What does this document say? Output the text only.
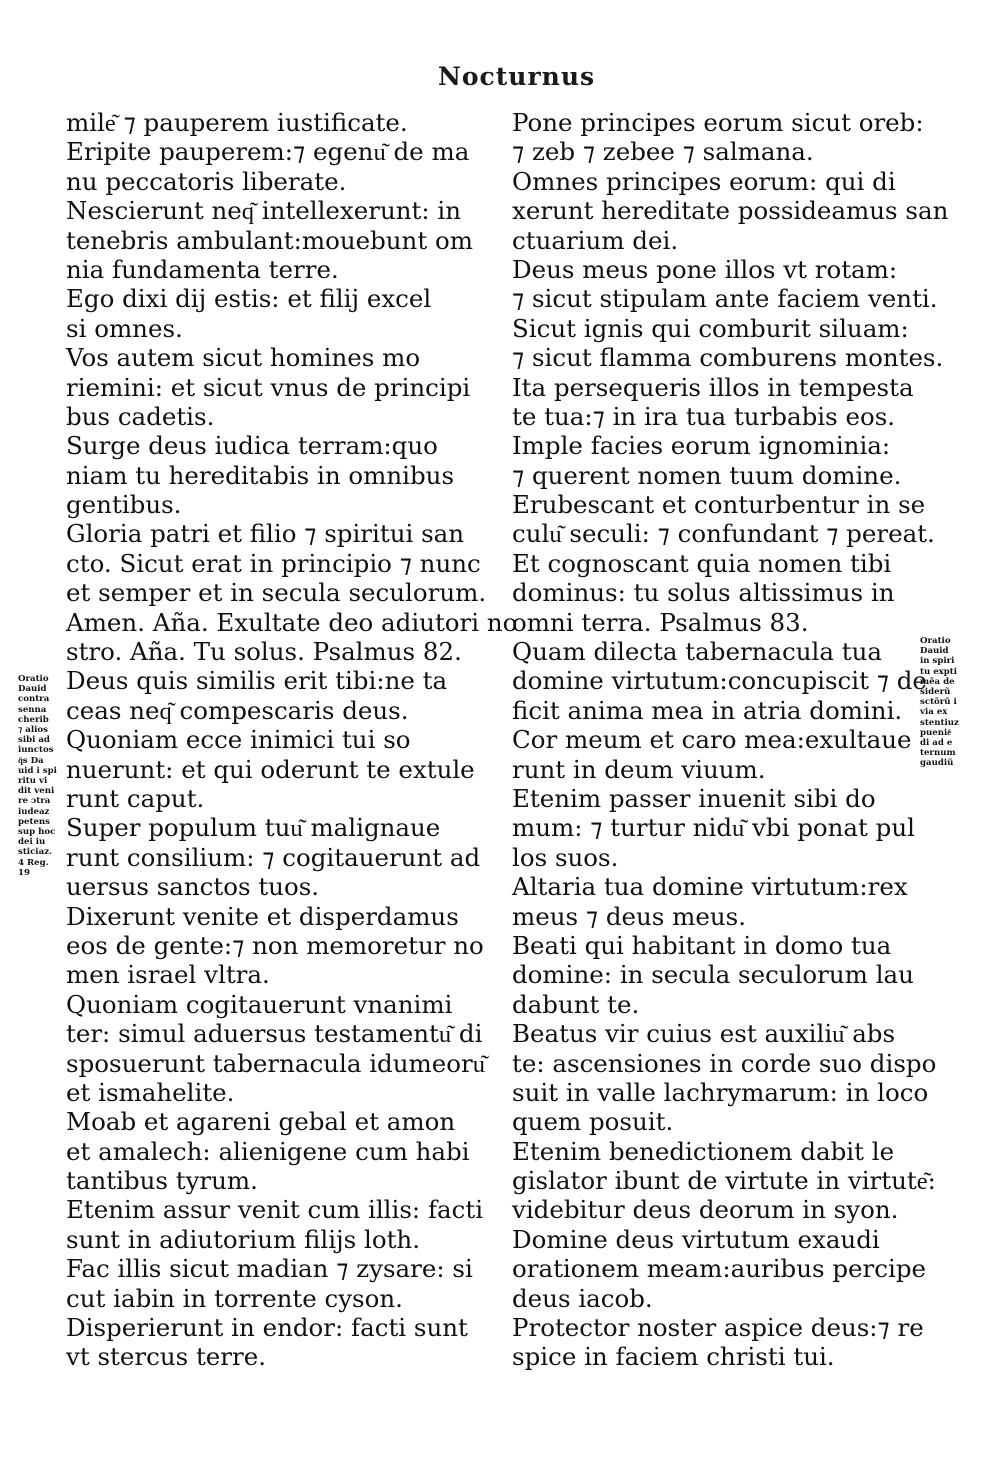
Nocturnus
Oratio
Dauid
contra
senna
cherib
⁊ alios
sibi ad
iunctos
q͂s Da
uid i spi
ritu vi
dit veni
re ɔtra
iudeaz
petens
sup hoc
dei iu
sticiaz.
4 Reg.
19
mile͂ ⁊ pauperem iustificate.
Eripite pauperem:⁊ egenu͂ de ma
nu peccatoris liberate.
Nescierunt neq͂ intellexerunt: in
tenebris ambulant:mouebunt om
nia fundamenta terre.
Ego dixi dij estis: et filij excel
si omnes.
Vos autem sicut homines mo
riemini: et sicut vnus de principi
bus cadetis.
Surge deus iudica terram:quo
niam tu hereditabis in omnibus
gentibus.
Gloria patri et filio ⁊ spiritui san
cto. Sicut erat in principio ⁊ nunc
et semper et in secula seculorum.
Amen. Aña. Exultate deo adiutori no
stro. Aña. Tu solus. Psalmus 82.
Deus quis similis erit tibi:ne ta
ceas neq͂ compescaris deus.
Quoniam ecce inimici tui so
nuerunt: et qui oderunt te extule
runt caput.
Super populum tuu͂ malignaue
runt consilium: ⁊ cogitauerunt ad
uersus sanctos tuos.
Dixerunt venite et disperdamus
eos de gente:⁊ non memoretur no
men israel vltra.
Quoniam cogitauerunt vnanimi
ter: simul aduersus testamentu͂ di
sposuerunt tabernacula idumeoru͂
et ismahelite.
Moab et agareni gebal et amon
et amalech: alienigene cum habi
tantibus tyrum.
Etenim assur venit cum illis: facti
sunt in adiutorium filijs loth.
Fac illis sicut madian ⁊ zysare: si
cut iabin in torrente cyson.
Disperierunt in endor: facti sunt
vt stercus terre.
Pone principes eorum sicut oreb:
⁊ zeb ⁊ zebee ⁊ salmana.
Omnes principes eorum: qui di
xerunt hereditate possideamus san
ctuarium dei.
Deus meus pone illos vt rotam:
⁊ sicut stipulam ante faciem venti.
Sicut ignis qui comburit siluam:
⁊ sicut flamma comburens montes.
Ita persequeris illos in tempesta
te tua:⁊ in ira tua turbabis eos.
Imple facies eorum ignominia:
⁊ querent nomen tuum domine.
Erubescant et conturbentur in se
culu͂ seculi: ⁊ confundant ⁊ pereat.
Et cognoscant quia nomen tibi
dominus: tu solus altissimus in
omni terra. Psalmus 83.
Quam dilecta tabernacula tua
domine virtutum:concupiscit ⁊ de
ficit anima mea in atria domini.
Cor meum et caro mea:exultaue
runt in deum viuum.
Etenim passer inuenit sibi do
mum: ⁊ turtur nidu͂ vbi ponat pul
los suos.
Altaria tua domine virtutum:rex
meus ⁊ deus meus.
Beati qui habitant in domo tua
domine: in secula seculorum lau
dabunt te.
Beatus vir cuius est auxiliu͂ abs
te: ascensiones in corde suo dispo
suit in valle lachrymarum: in loco
quem posuit.
Etenim benedictionem dabit le
gislator ibunt de virtute in virtute͂:
videbitur deus deorum in syon.
Domine deus virtutum exaudi
orationem meam:auribus percipe
deus iacob.
Protector noster aspice deus:⁊ re
spice in faciem christi tui.
Oratio
Dauid
in spiri
tu expti
mẽa de
siderũ
sctõrũ i
via ex
stentiuz
puenie͂
di ad e
ternum
gaudiũ
